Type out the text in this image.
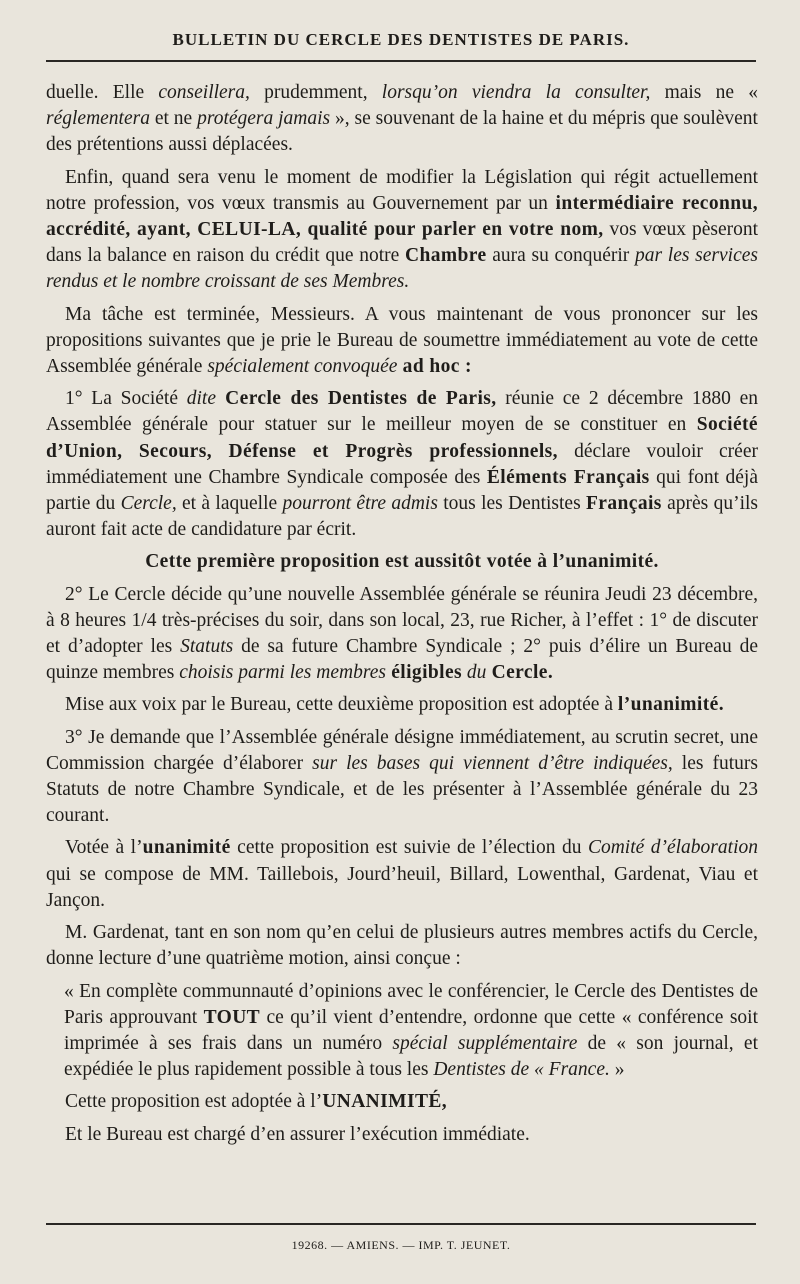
BULLETIN DU CERCLE DES DENTISTES DE PARIS.

duelle. Elle conseillera, prudemment, lorsqu’on viendra la consulter, mais ne « réglementera et ne protégera jamais », se souvenant de la haine et du mépris que soulèvent des prétentions aussi déplacées.

Enfin, quand sera venu le moment de modifier la Législation qui régit actuellement notre profession, vos vœux transmis au Gouvernement par un intermédiaire reconnu, accrédité, ayant, CELUI-LA, qualité pour parler en votre nom, vos vœux pèseront dans la balance en raison du crédit que notre Chambre aura su conquérir par les services rendus et le nombre croissant de ses Membres.

Ma tâche est terminée, Messieurs. A vous maintenant de vous prononcer sur les propositions suivantes que je prie le Bureau de soumettre immédiatement au vote de cette Assemblée générale spécialement convoquée ad hoc :

1° La Société dite Cercle des Dentistes de Paris, réunie ce 2 décembre 1880 en Assemblée générale pour statuer sur le meilleur moyen de se constituer en Société d’Union, Secours, Défense et Progrès professionnels, déclare vouloir créer immédiatement une Chambre Syndicale composée des Éléments Français qui font déjà partie du Cercle, et à laquelle pourront être admis tous les Dentistes Français après qu’ils auront fait acte de candidature par écrit.

Cette première proposition est aussitôt votée à l’unanimité.

2° Le Cercle décide qu’une nouvelle Assemblée générale se réunira Jeudi 23 décembre, à 8 heures 1/4 très-précises du soir, dans son local, 23, rue Richer, à l’effet : 1° de discuter et d’adopter les Statuts de sa future Chambre Syndicale ; 2° puis d’élire un Bureau de quinze membres choisis parmi les membres éligibles du Cercle.

Mise aux voix par le Bureau, cette deuxième proposition est adoptée à l’unanimité.

3° Je demande que l’Assemblée générale désigne immédiatement, au scrutin secret, une Commission chargée d’élaborer sur les bases qui viennent d’être indiquées, les futurs Statuts de notre Chambre Syndicale, et de les présenter à l’Assemblée générale du 23 courant.

Votée à l’unanimité cette proposition est suivie de l’élection du Comité d’élaboration qui se compose de MM. Taillebois, Jourd’heuil, Billard, Lowenthal, Gardenat, Viau et Jançon.

M. Gardenat, tant en son nom qu’en celui de plusieurs autres membres actifs du Cercle, donne lecture d’une quatrième motion, ainsi conçue :

« En complète communnauté d’opinions avec le conférencier, le Cercle des Dentistes de Paris approuvant TOUT ce qu’il vient d’entendre, ordonne que cette « conférence soit imprimée à ses frais dans un numéro spécial supplémentaire de « son journal, et expédiée le plus rapidement possible à tous les Dentistes de « France. »

Cette proposition est adoptée à l’UNANIMITÉ,

Et le Bureau est chargé d’en assurer l’exécution immédiate.

19268. — AMIENS. — IMP. T. JEUNET.
